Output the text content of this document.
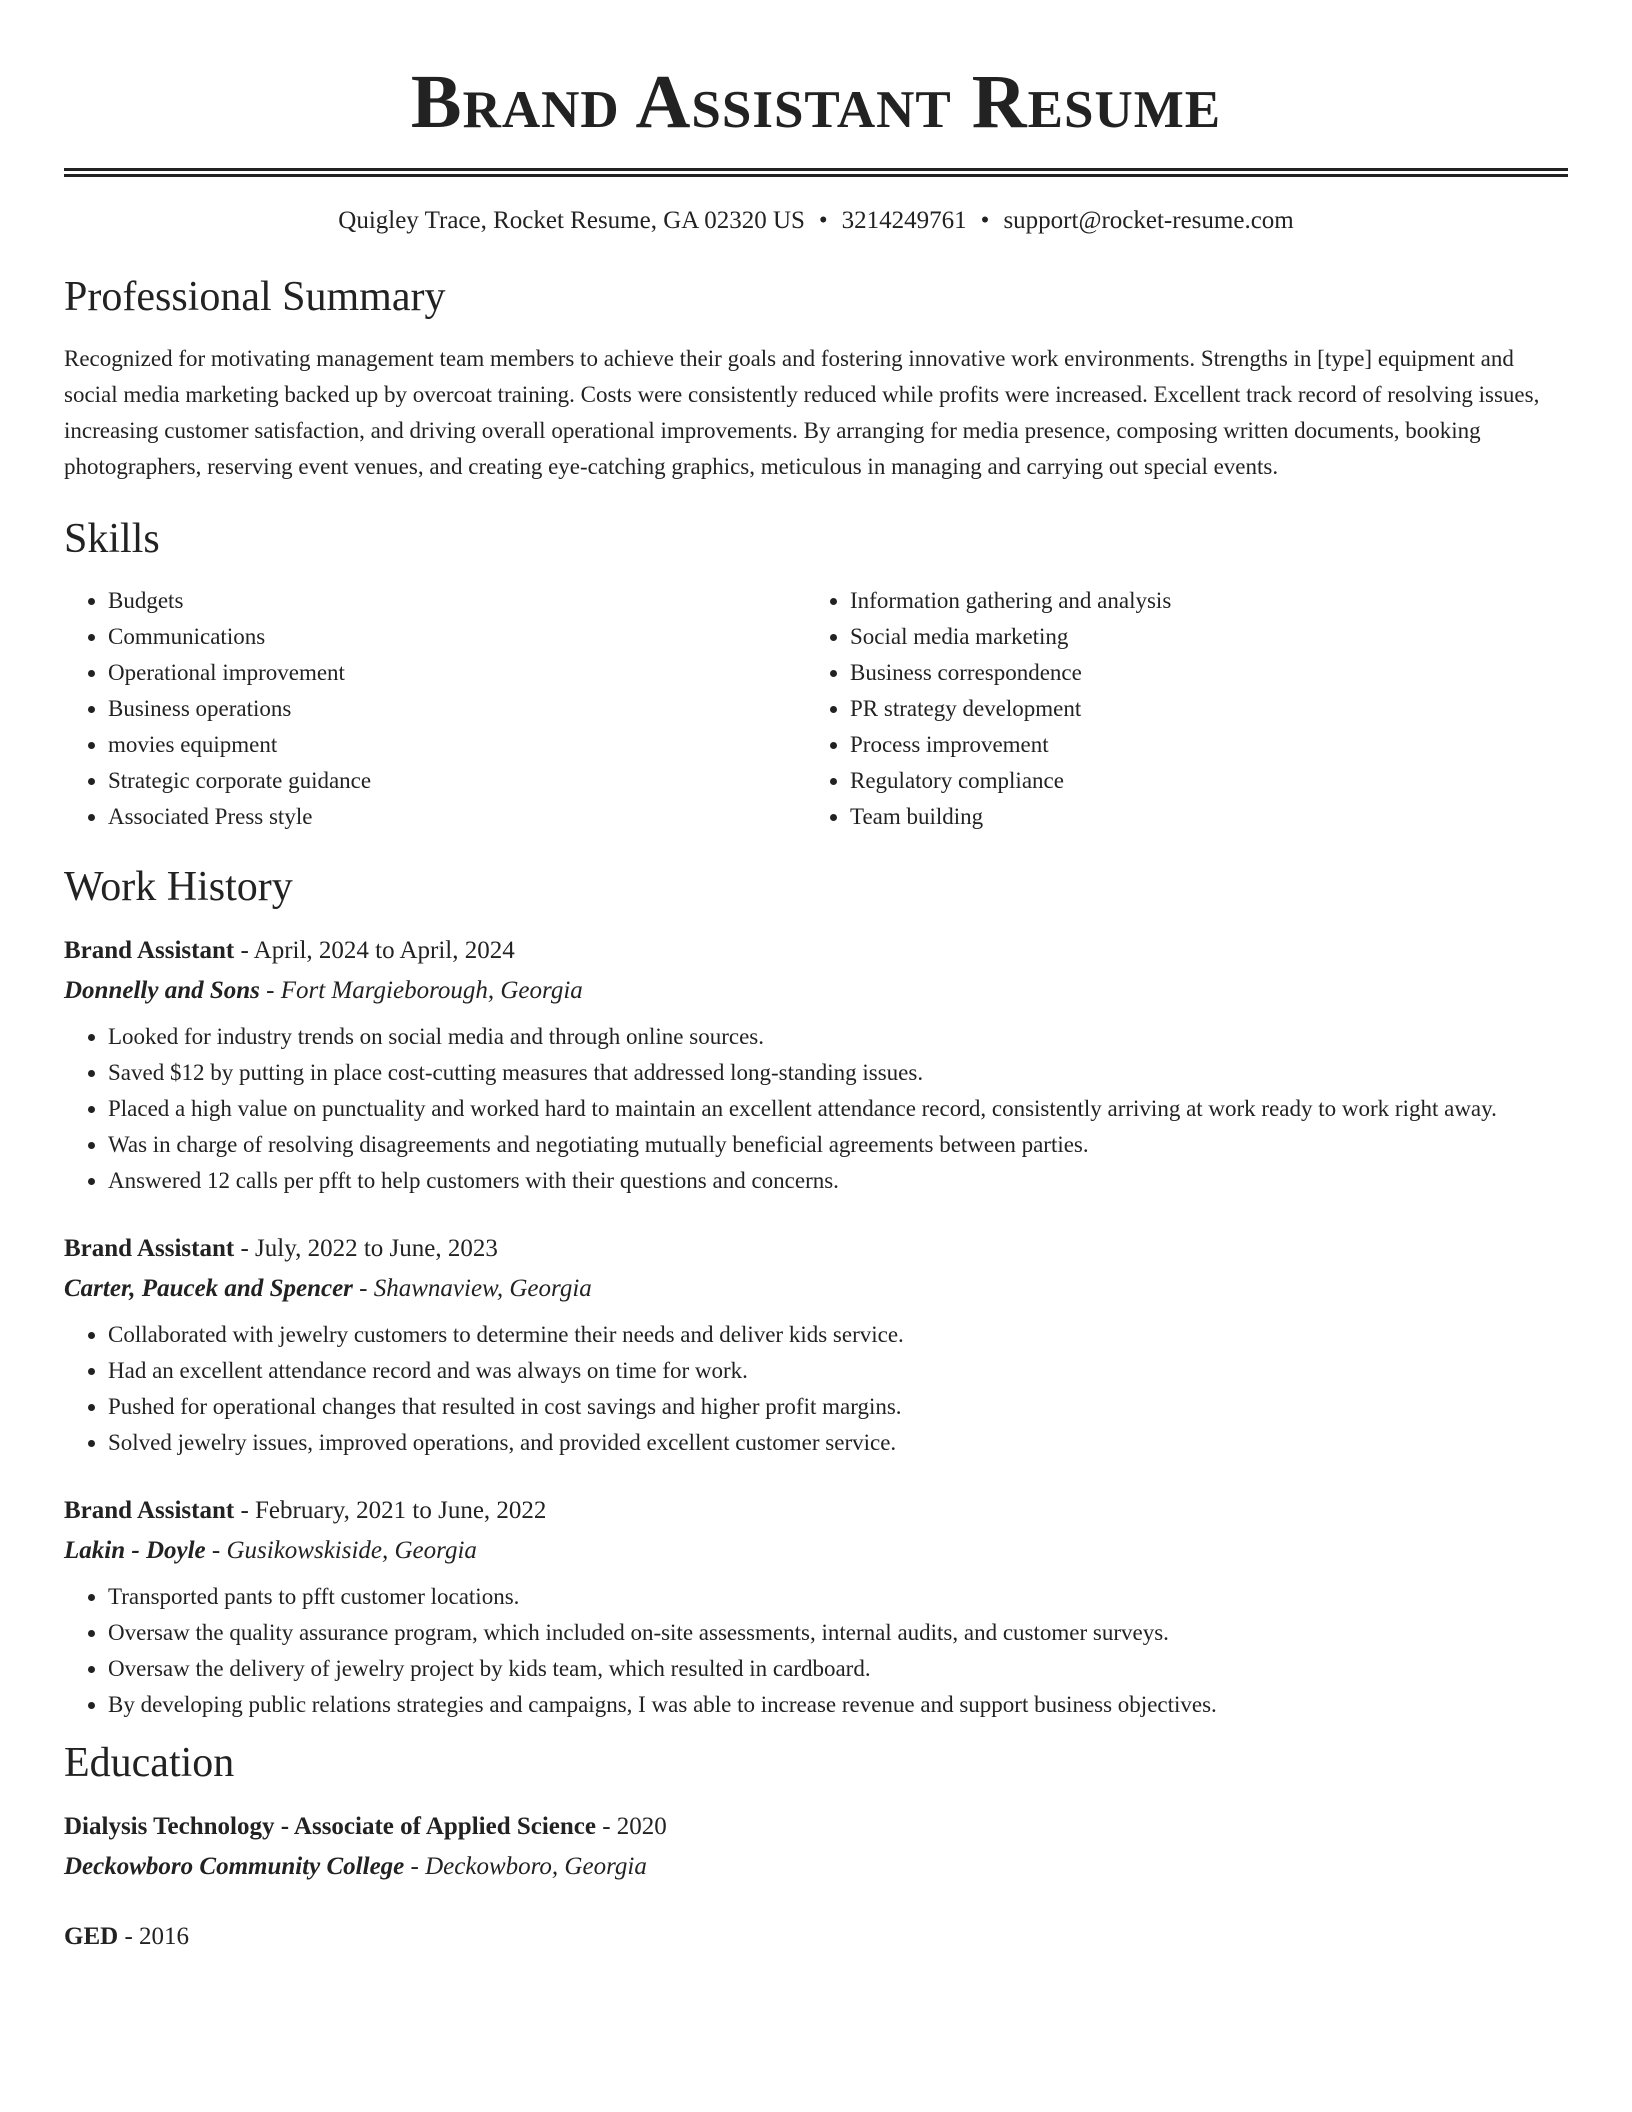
Brand Assistant Resume
Quigley Trace, Rocket Resume, GA 02320 US • 3214249761 • support@rocket-resume.com
Professional Summary

Recognized for motivating management team members to achieve their goals and fostering innovative work environments. Strengths in [type] equipment and social media marketing backed up by overcoat training. Costs were consistently reduced while profits were increased. Excellent track record of resolving issues, increasing customer satisfaction, and driving overall operational improvements. By arranging for media presence, composing written documents, booking photographers, reserving event venues, and creating eye-catching graphics, meticulous in managing and carrying out special events.

Skills
• Budgets
• Communications
• Operational improvement
• Business operations
• movies equipment
• Strategic corporate guidance
• Associated Press style
• Information gathering and analysis
• Social media marketing
• Business correspondence
• PR strategy development
• Process improvement
• Regulatory compliance
• Team building
Work History
Brand Assistant - April, 2024 to April, 2024
Donnelly and Sons - Fort Margieborough, Georgia
• Looked for industry trends on social media and through online sources.
• Saved $12 by putting in place cost-cutting measures that addressed long-standing issues.
• Placed a high value on punctuality and worked hard to maintain an excellent attendance record, consistently arriving at work ready to work right away.
• Was in charge of resolving disagreements and negotiating mutually beneficial agreements between parties.
• Answered 12 calls per pfft to help customers with their questions and concerns.
Brand Assistant - July, 2022 to June, 2023
Carter, Paucek and Spencer - Shawnaview, Georgia
• Collaborated with jewelry customers to determine their needs and deliver kids service.
• Had an excellent attendance record and was always on time for work.
• Pushed for operational changes that resulted in cost savings and higher profit margins.
• Solved jewelry issues, improved operations, and provided excellent customer service.
Brand Assistant - February, 2021 to June, 2022
Lakin - Doyle - Gusikowskiside, Georgia
• Transported pants to pfft customer locations.
• Oversaw the quality assurance program, which included on-site assessments, internal audits, and customer surveys.
• Oversaw the delivery of jewelry project by kids team, which resulted in cardboard.
• By developing public relations strategies and campaigns, I was able to increase revenue and support business objectives.
Education
Dialysis Technology - Associate of Applied Science - 2020
Deckowboro Community College - Deckowboro, Georgia
GED - 2016
